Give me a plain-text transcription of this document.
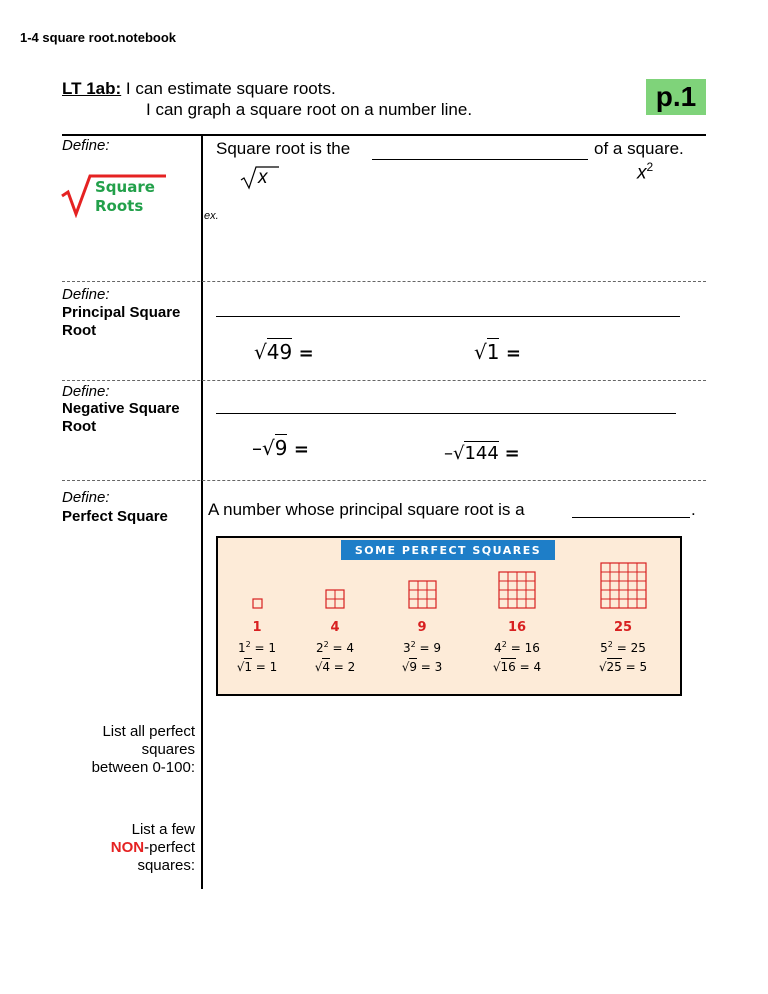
1-4 square root.notebook
LT 1ab: I can estimate square roots.
I can graph a square root on a number line.	p.1
Define:
Square
Roots
Square root is the	of a square.
x	$x^2$
ex.
Define:
Principal Square
Root
√49 =	√1 =
Define:
Negative Square
Root
–√9 =	–√144 =
Define:
Perfect Square A number whose principal square root is a	.
SOME PERFECT SQUARES
1
$1^2 = 1$
√1 = 1
4
$2^2 = 4$
√4 = 2
9
$3^2 = 9$
√9 = 3
16
$4^2 = 16$
√16 = 4
25
$5^2 = 25$
√25 = 5
List all perfect
squares
between 0-100:
List a few
NON-perfect
squares:
